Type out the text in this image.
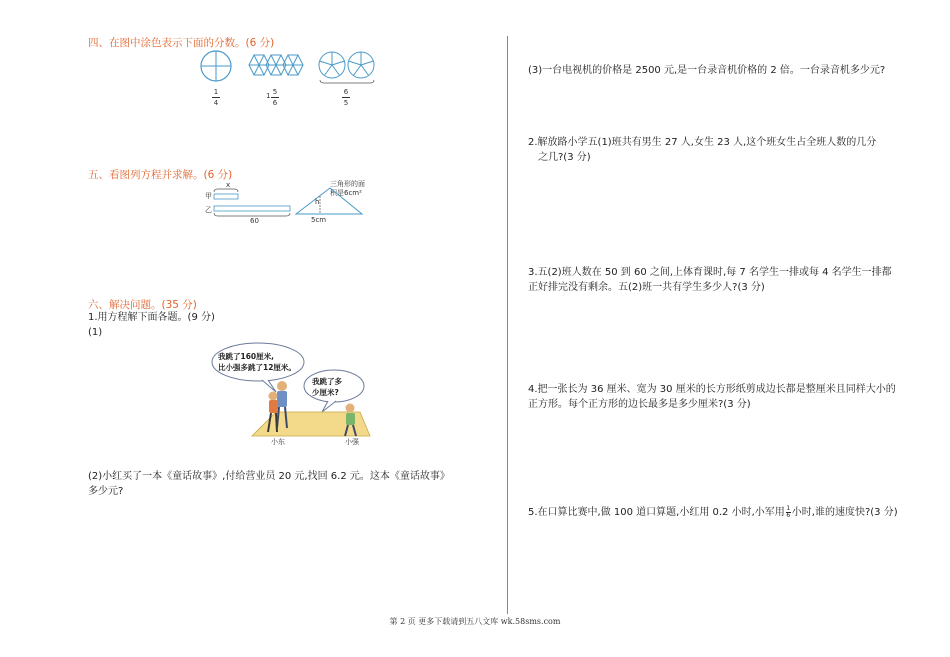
四、在图中涂色表示下面的分数。(6 分)
1
4
1 5
6
6
5
五、看图列方程并求解。(6 分)
x
甲
乙
60
三角形的面
积是6cm²
h
5cm
六、解决问题。(35 分)
1.用方程解下面各题。(9 分)
(1)
我跳了160厘米,
比小强多跳了12厘米。
我跳了多
少厘米?
小东	小强
(2)小红买了一本《童话故事》,付给营业员 20 元,找回 6.2 元。这本《童话故事》
多少元?
(3)一台电视机的价格是 2500 元,是一台录音机价格的 2 倍。一台录音机多少元?
2.解放路小学五(1)班共有男生 27 人,女生 23 人,这个班女生占全班人数的几分
之几?(3 分)
3.五(2)班人数在 50 到 60 之间,上体育课时,每 7 名学生一排或每 4 名学生一排都
正好排完没有剩余。五(2)班一共有学生多少人?(3 分)
4.把一张长为 36 厘米、宽为 30 厘米的长方形纸剪成边长都是整厘米且同样大小的
正方形。每个正方形的边长最多是多少厘米?(3 分)
5.在口算比赛中,做 100 道口算题,小红用 0.2 小时,小军用 1
6 小时,谁的速度快?(3 分)
第 2 页 更多下载请到五八文库 wk.58sms.com
